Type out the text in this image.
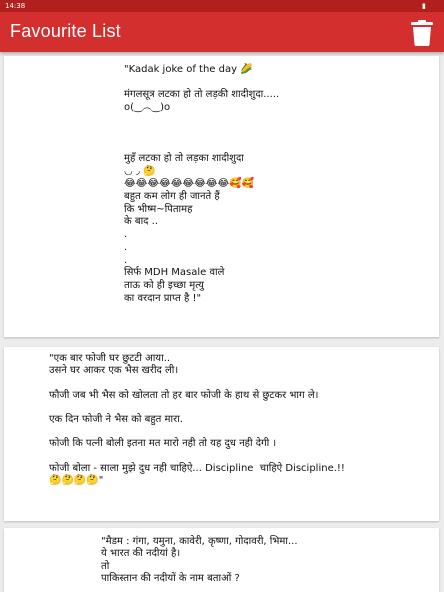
14:38	▮
Favourite List
"Kadak joke of the day 🌽

मंगलसूत्र लटका हो तो लड़की शादीशुदा.....
o(‿︵‿)o

मुहँ लटका हो तो लड़का शादीशुदा
◡ ◞ 🤔
😂😂😂😂😂😂😂😂😂🥰🥰
बहुत कम लोग ही जानते हैं
कि भीष्म~पितामह
के बाद ..
.
.
.
सिर्फ MDH Masale वाले
ताऊ को ही इच्छा मृत्यु
का वरदान प्राप्त है !"
"एक बार फोजी घर छुटटी आया..
उसने घर आकर एक भैस खरीद ली।

फौजी जब भी भैस को खोलता तो हर बार फोजी के हाथ से छुटकर भाग ले।

एक दिन फोजी ने भैस को बहुत मारा.

फोजी कि पत्नी बोली इतना मत मारो नही तो यह दुध नही देगी ।

फोजी बोला - साला मुझे दुध नही चाहिऐ... Discipline  चाहिऐ Discipline.!!
🤔🤔🤔🤔"
"मैडम : गंगा, यमुना, कावेरी, कृष्णा, गोदावरी, भिमा...
ये भारत की नदीयां है।
तो
पाकिस्तान की नदीयों के नाम बताओं ?
